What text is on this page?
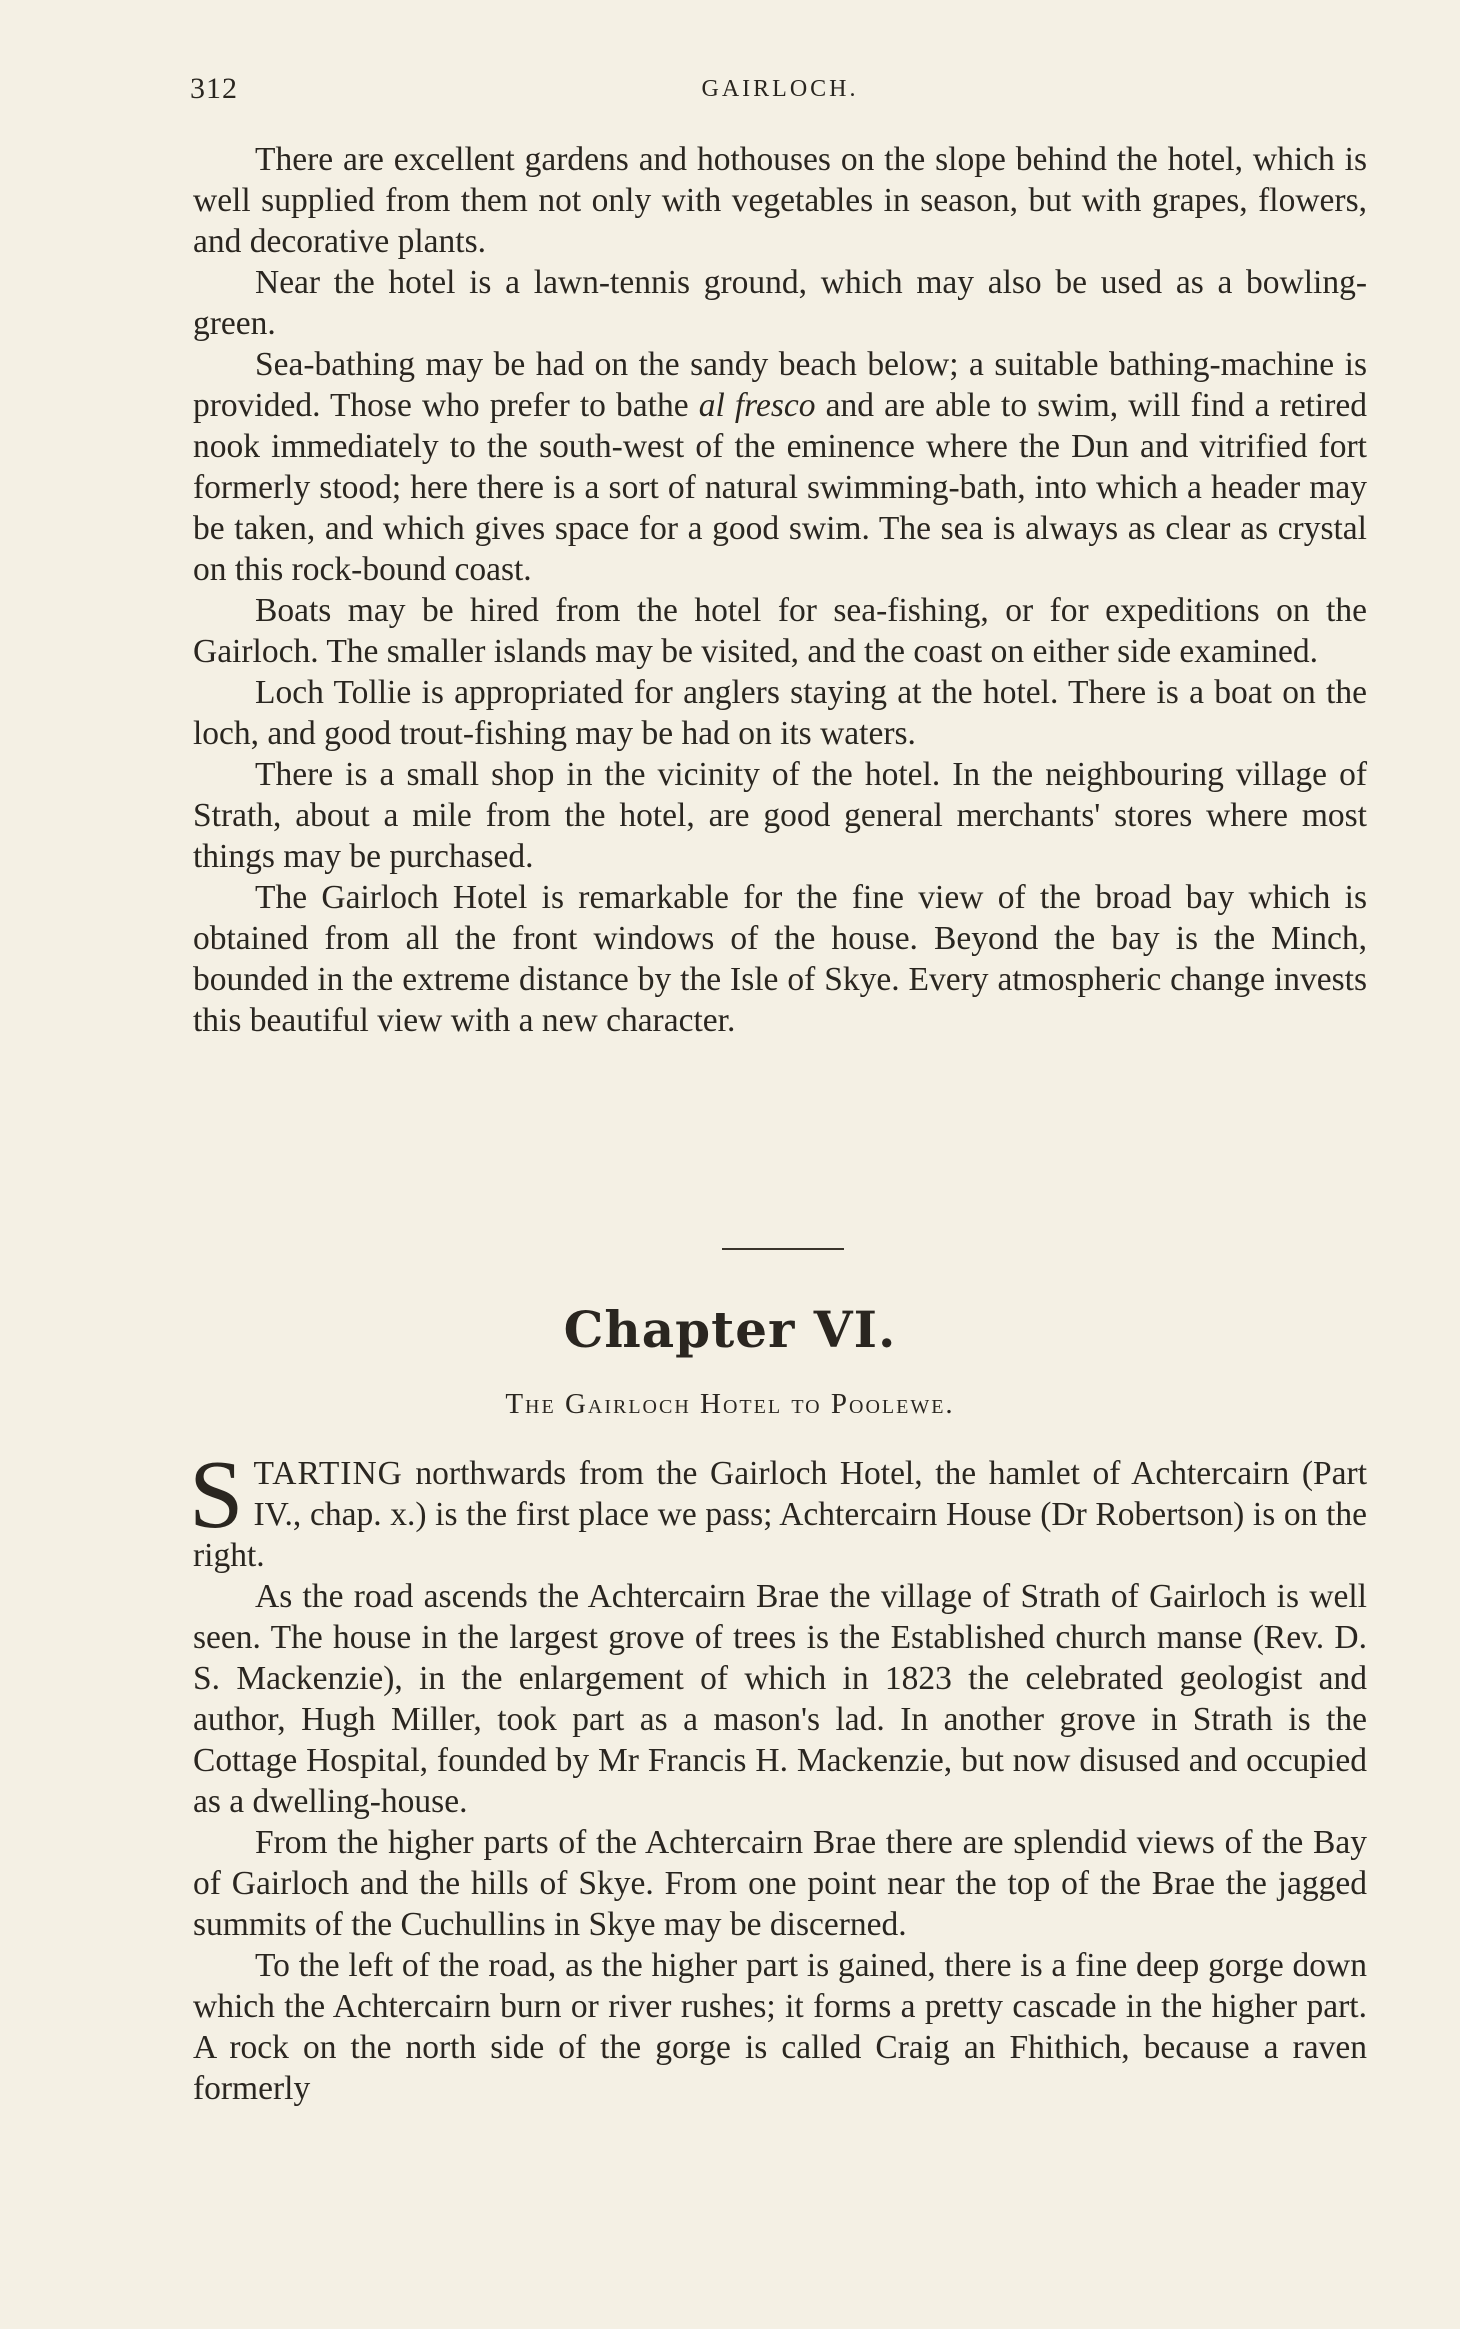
312	GAIRLOCH.

There are excellent gardens and hothouses on the slope behind the hotel, which is well supplied from them not only with vegetables in season, but with grapes, flowers, and decorative plants.

Near the hotel is a lawn-tennis ground, which may also be used as a bowling-green.

Sea-bathing may be had on the sandy beach below; a suitable bathing-machine is provided. Those who prefer to bathe al fresco and are able to swim, will find a retired nook immediately to the south-west of the eminence where the Dun and vitrified fort formerly stood; here there is a sort of natural swimming-bath, into which a header may be taken, and which gives space for a good swim. The sea is always as clear as crystal on this rock-bound coast.

Boats may be hired from the hotel for sea-fishing, or for expeditions on the Gairloch. The smaller islands may be visited, and the coast on either side examined.

Loch Tollie is appropriated for anglers staying at the hotel. There is a boat on the loch, and good trout-fishing may be had on its waters.

There is a small shop in the vicinity of the hotel. In the neighbouring village of Strath, about a mile from the hotel, are good general merchants' stores where most things may be purchased.

The Gairloch Hotel is remarkable for the fine view of the broad bay which is obtained from all the front windows of the house. Beyond the bay is the Minch, bounded in the extreme distance by the Isle of Skye. Every atmospheric change invests this beautiful view with a new character.

Chapter VI.
The Gairloch Hotel to Poolewe.

STARTING northwards from the Gairloch Hotel, the hamlet of Achtercairn (Part IV., chap. x.) is the first place we pass; Achtercairn House (Dr Robertson) is on the right.

As the road ascends the Achtercairn Brae the village of Strath of Gairloch is well seen. The house in the largest grove of trees is the Established church manse (Rev. D. S. Mackenzie), in the enlargement of which in 1823 the celebrated geologist and author, Hugh Miller, took part as a mason's lad. In another grove in Strath is the Cottage Hospital, founded by Mr Francis H. Mackenzie, but now disused and occupied as a dwelling-house.

From the higher parts of the Achtercairn Brae there are splendid views of the Bay of Gairloch and the hills of Skye. From one point near the top of the Brae the jagged summits of the Cuchullins in Skye may be discerned.

To the left of the road, as the higher part is gained, there is a fine deep gorge down which the Achtercairn burn or river rushes; it forms a pretty cascade in the higher part. A rock on the north side of the gorge is called Craig an Fhithich, because a raven formerly
